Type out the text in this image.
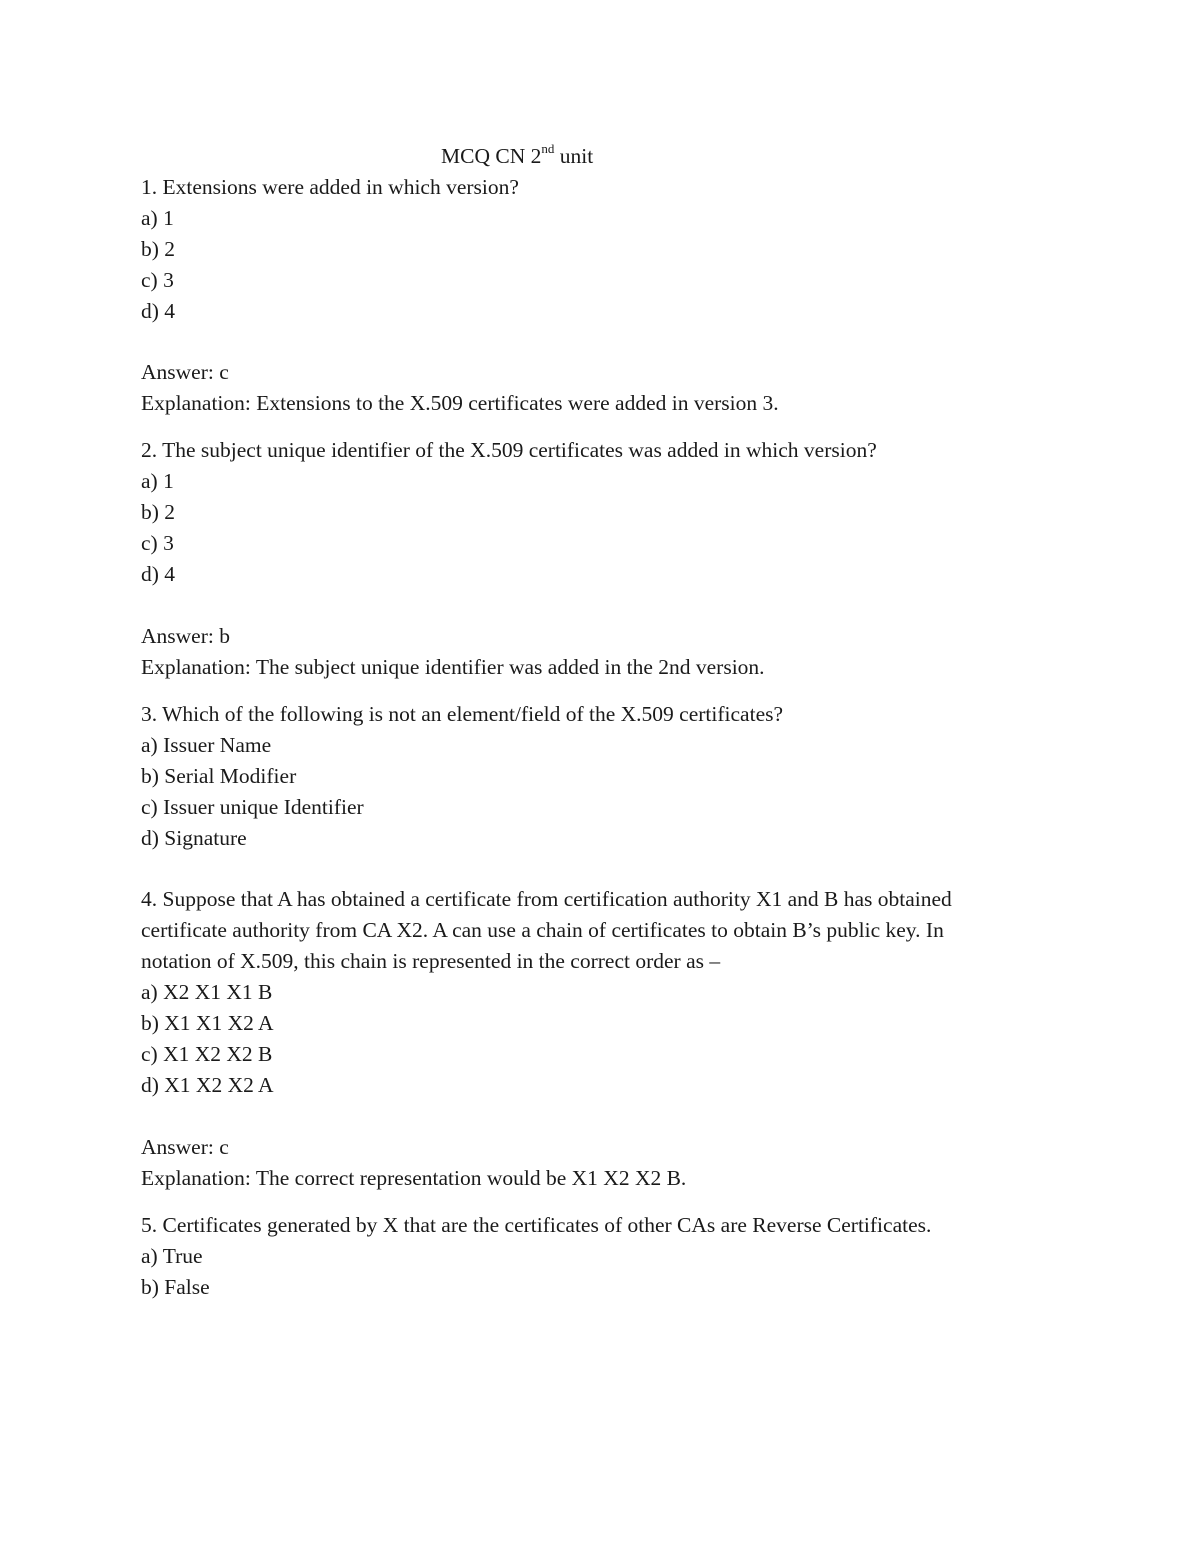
MCQ CN 2nd unit
1. Extensions were added in which version?
a) 1
b) 2
c) 3
d) 4
Answer: c
Explanation: Extensions to the X.509 certificates were added in version 3.
2. The subject unique identifier of the X.509 certificates was added in which version?
a) 1
b) 2
c) 3
d) 4
Answer: b
Explanation: The subject unique identifier was added in the 2nd version.
3. Which of the following is not an element/field of the X.509 certificates?
a) Issuer Name
b) Serial Modifier
c) Issuer unique Identifier
d) Signature
4. Suppose that A has obtained a certificate from certification authority X1 and B has obtained
certificate authority from CA X2. A can use a chain of certificates to obtain B’s public key. In
notation of X.509, this chain is represented in the correct order as –
a) X2 X1 X1 B
b) X1 X1 X2 A
c) X1 X2 X2 B
d) X1 X2 X2 A
Answer: c
Explanation: The correct representation would be X1 X2 X2 B.
5. Certificates generated by X that are the certificates of other CAs are Reverse Certificates.
a) True
b) False
